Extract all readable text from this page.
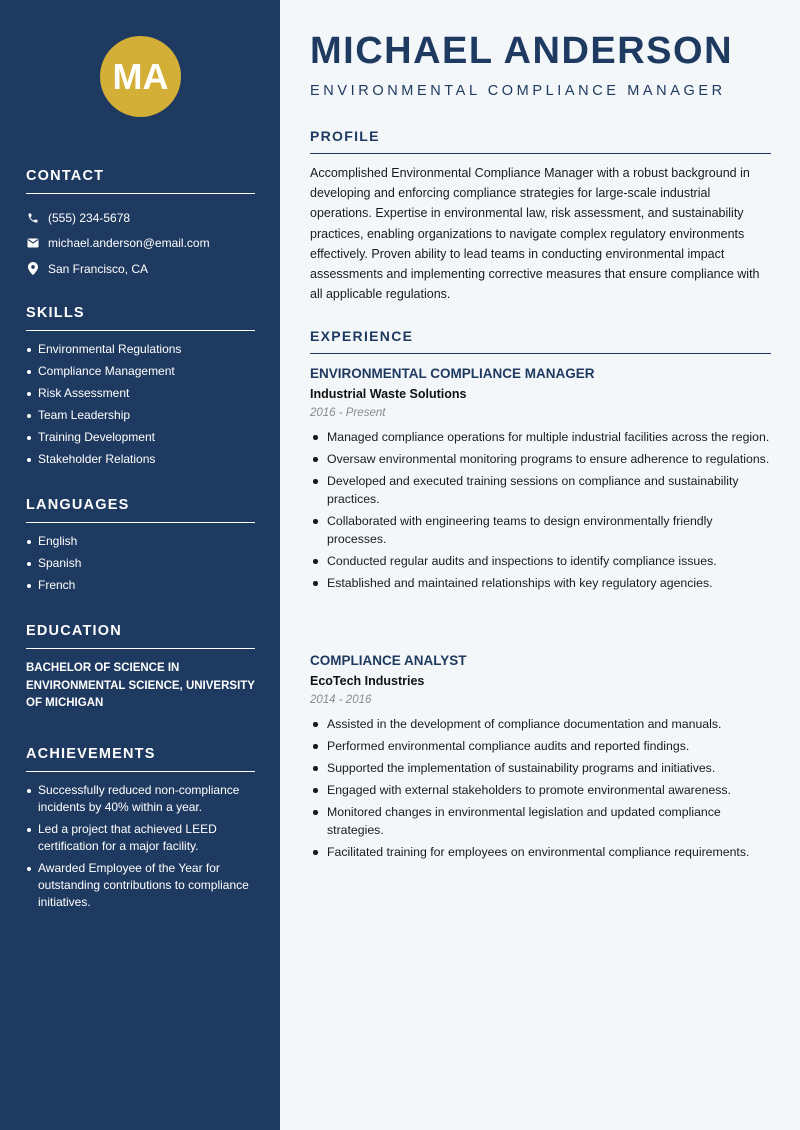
MA
CONTACT
(555) 234-5678
michael.anderson@email.com
San Francisco, CA
SKILLS
Environmental Regulations
Compliance Management
Risk Assessment
Team Leadership
Training Development
Stakeholder Relations
LANGUAGES
English
Spanish
French
EDUCATION
BACHELOR OF SCIENCE IN ENVIRONMENTAL SCIENCE, UNIVERSITY OF MICHIGAN
ACHIEVEMENTS
Successfully reduced non-compliance incidents by 40% within a year.
Led a project that achieved LEED certification for a major facility.
Awarded Employee of the Year for outstanding contributions to compliance initiatives.
MICHAEL ANDERSON
ENVIRONMENTAL COMPLIANCE MANAGER
PROFILE

Accomplished Environmental Compliance Manager with a robust background in developing and enforcing compliance strategies for large-scale industrial operations. Expertise in environmental law, risk assessment, and sustainability practices, enabling organizations to navigate complex regulatory environments effectively. Proven ability to lead teams in conducting environmental impact assessments and implementing corrective measures that ensure compliance with all applicable regulations.

EXPERIENCE
ENVIRONMENTAL COMPLIANCE MANAGER
Industrial Waste Solutions
2016 - Present
Managed compliance operations for multiple industrial facilities across the region.
Oversaw environmental monitoring programs to ensure adherence to regulations.
Developed and executed training sessions on compliance and sustainability practices.
Collaborated with engineering teams to design environmentally friendly processes.
Conducted regular audits and inspections to identify compliance issues.
Established and maintained relationships with key regulatory agencies.
COMPLIANCE ANALYST
EcoTech Industries
2014 - 2016
Assisted in the development of compliance documentation and manuals.
Performed environmental compliance audits and reported findings.
Supported the implementation of sustainability programs and initiatives.
Engaged with external stakeholders to promote environmental awareness.
Monitored changes in environmental legislation and updated compliance strategies.
Facilitated training for employees on environmental compliance requirements.
